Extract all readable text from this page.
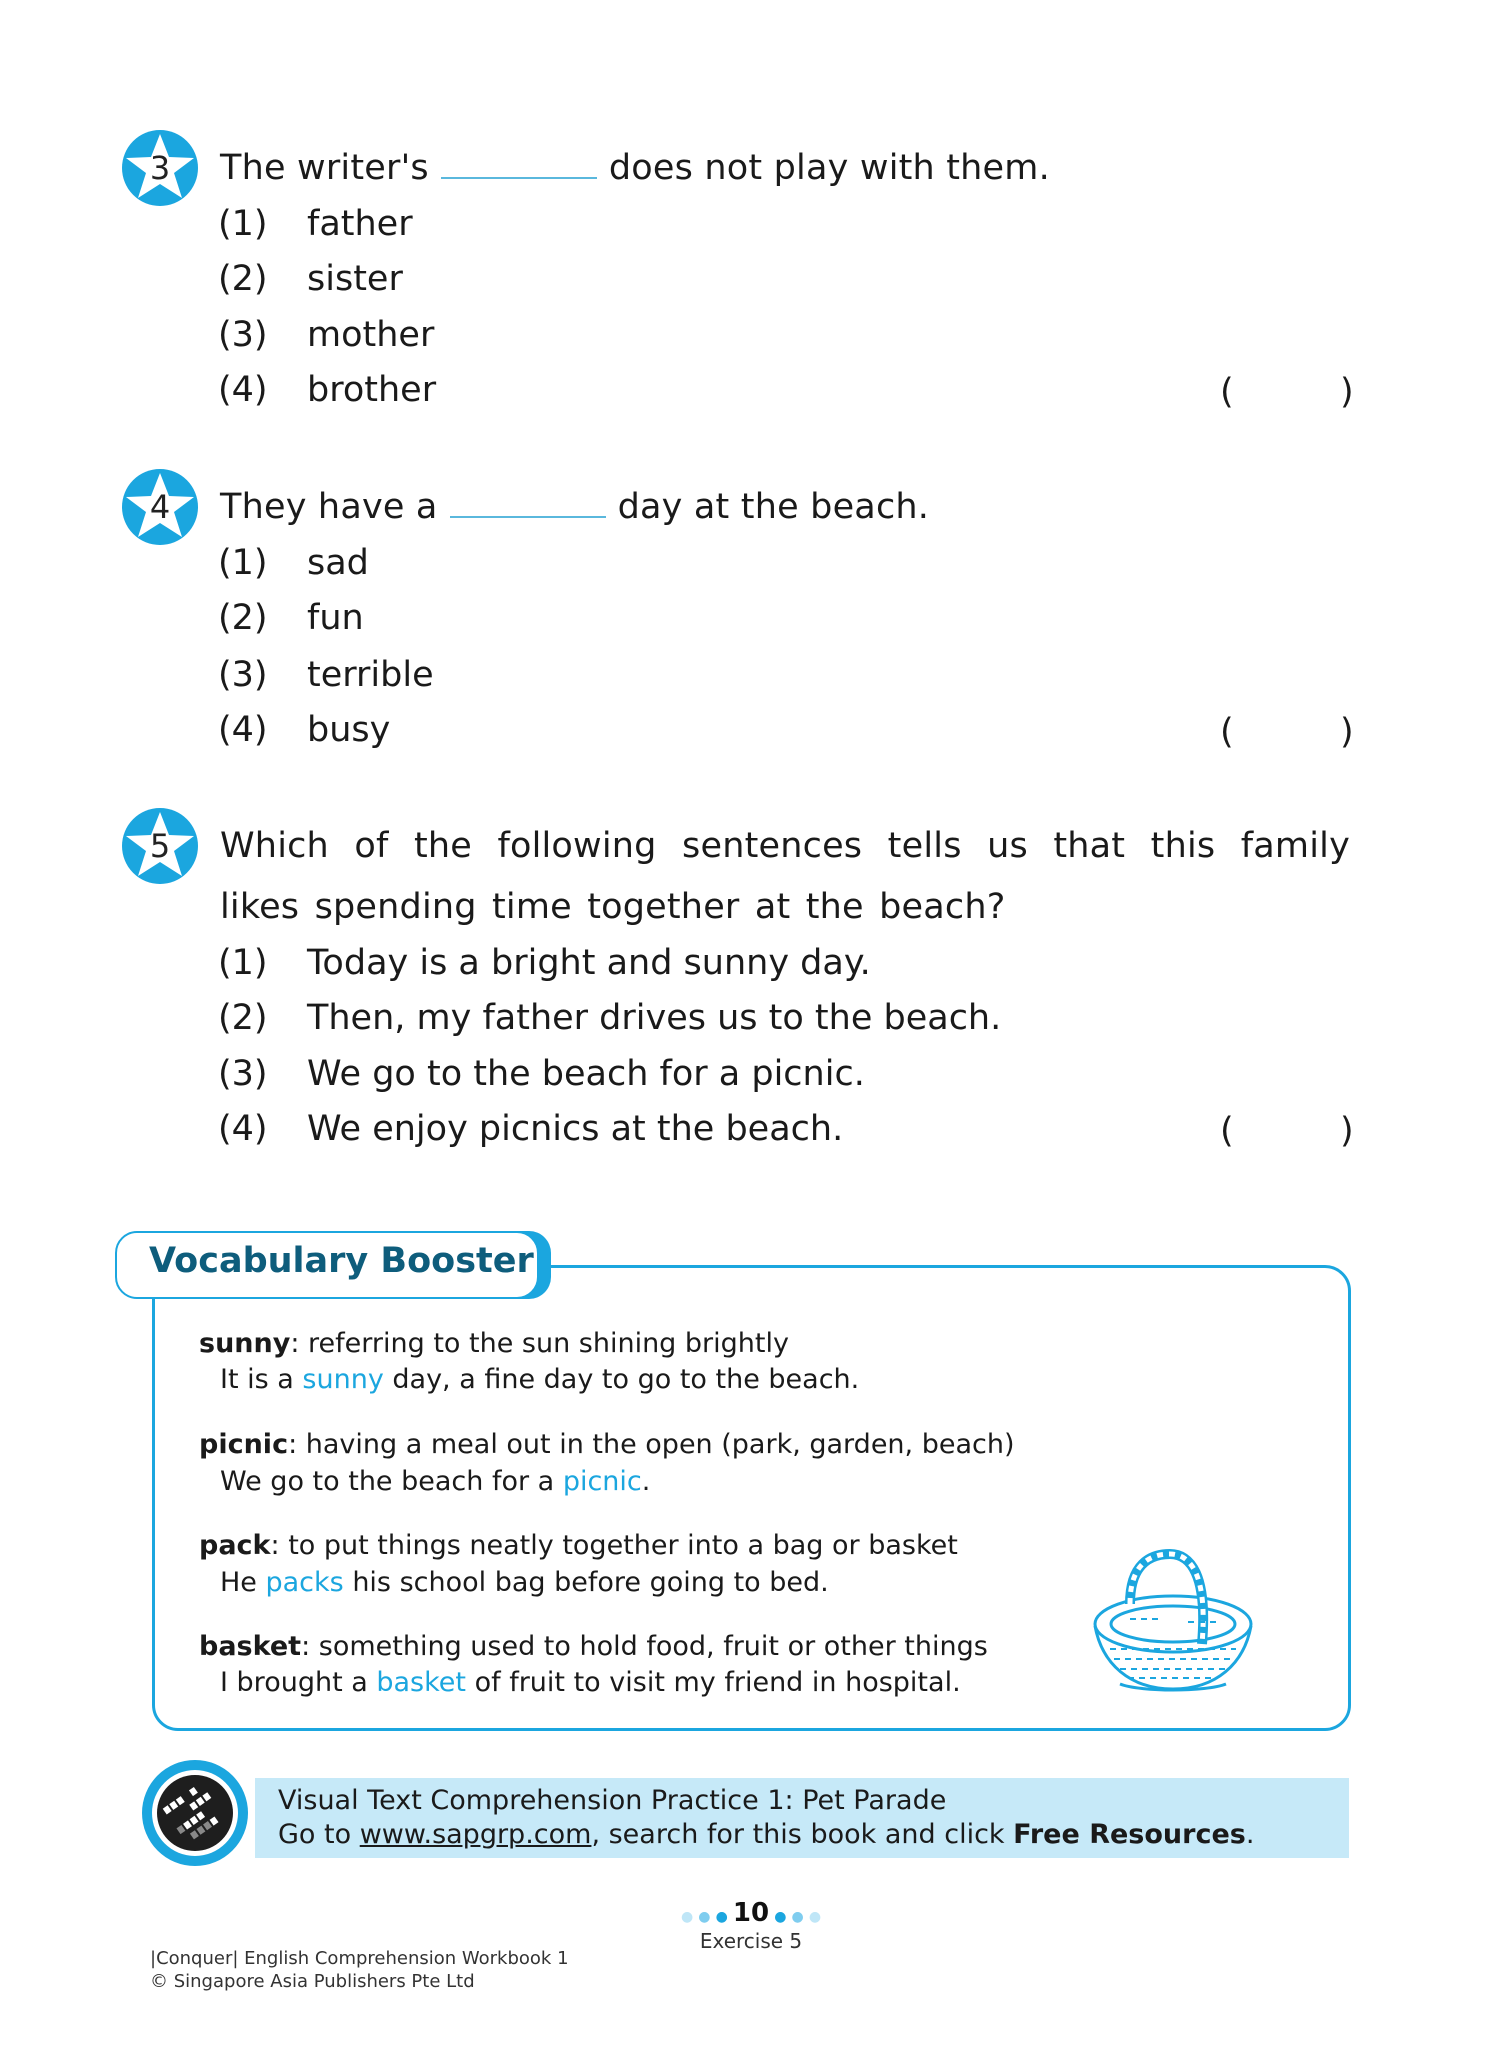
3	The writer's	does not play with them.
(1) father
(2) sister
(3) mother
(4) brother	(	)
4	They have a	day at the beach.
(1) sad
(2) fun
(3) terrible
(4) busy	(	)
5	Which of the following sentences tells us that this family likes spending time together at the beach?
(1) Today is a bright and sunny day.
(2) Then, my father drives us to the beach.
(3) We go to the beach for a picnic.
(4) We enjoy picnics at the beach.	(	)
Vocabulary Booster
sunny: referring to the sun shining brightly
It is a sunny day, a fine day to go to the beach.
picnic: having a meal out in the open (park, garden, beach)
We go to the beach for a picnic.
pack: to put things neatly together into a bag or basket
He packs his school bag before going to bed.
basket: something used to hold food, fruit or other things
I brought a basket of fruit to visit my friend in hospital.
Visual Text Comprehension Practice 1: Pet Parade
Go to www.sapgrp.com, search for this book and click Free Resources.
● ● ● 10 ● ● ●
Exercise 5
|Conquer| English Comprehension Workbook 1
© Singapore Asia Publishers Pte Ltd
